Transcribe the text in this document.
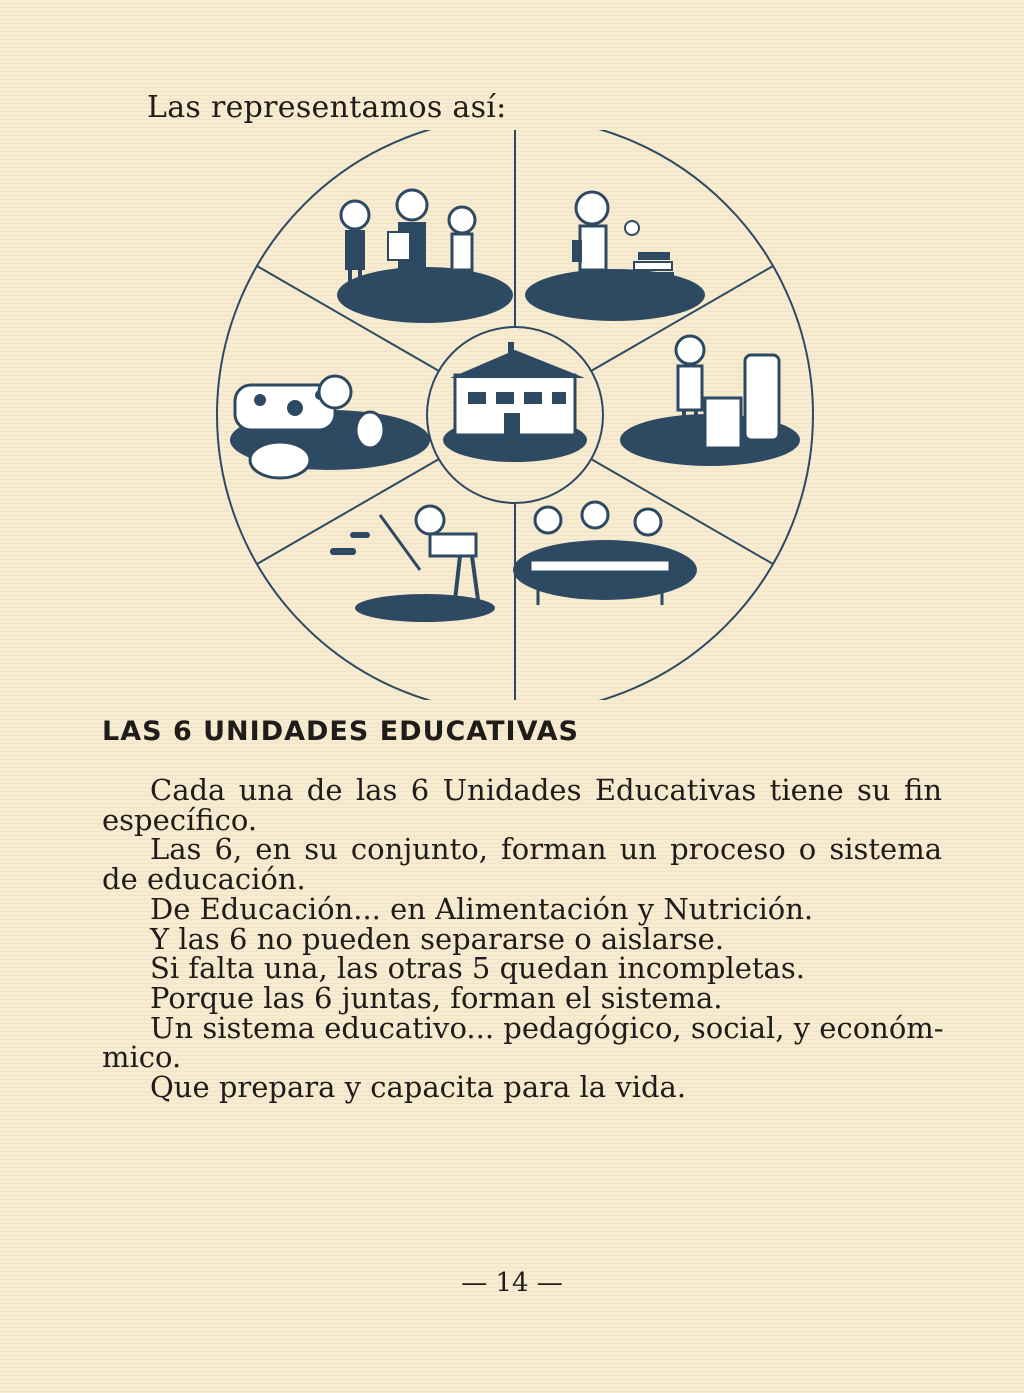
Las representamos así:
LAS 6 UNIDADES EDUCATIVAS
Cada una de las 6 Unidades Educativas tiene su fin
específico.
Las 6, en su conjunto, forman un proceso o sistema
de educación.
De Educación... en Alimentación y Nutrición.
Y las 6 no pueden separarse o aislarse.
Si falta una, las otras 5 quedan incompletas.
Porque las 6 juntas, forman el sistema.
Un sistema educativo... pedagógico, social, y económ-
mico.
Que prepara y capacita para la vida.
— 14 —
